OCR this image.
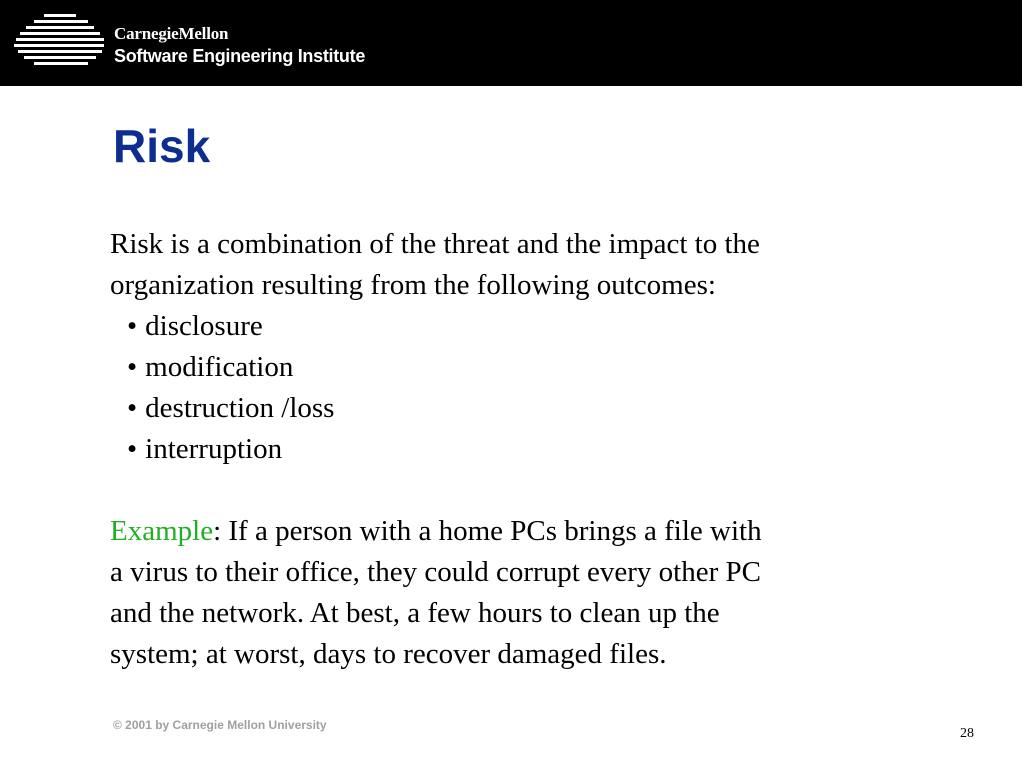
CarnegieMellon
Software Engineering Institute
Risk

Risk is a combination of the threat and the impact to the

organization resulting from the following outcomes:

• disclosure
• modification
• destruction /loss
• interruption

Example: If a person with a home PCs brings a file with

a virus to their office, they could corrupt every other PC

and the network. At best, a few hours to clean up the

system; at worst, days to recover damaged files.

© 2001 by Carnegie Mellon University
28
